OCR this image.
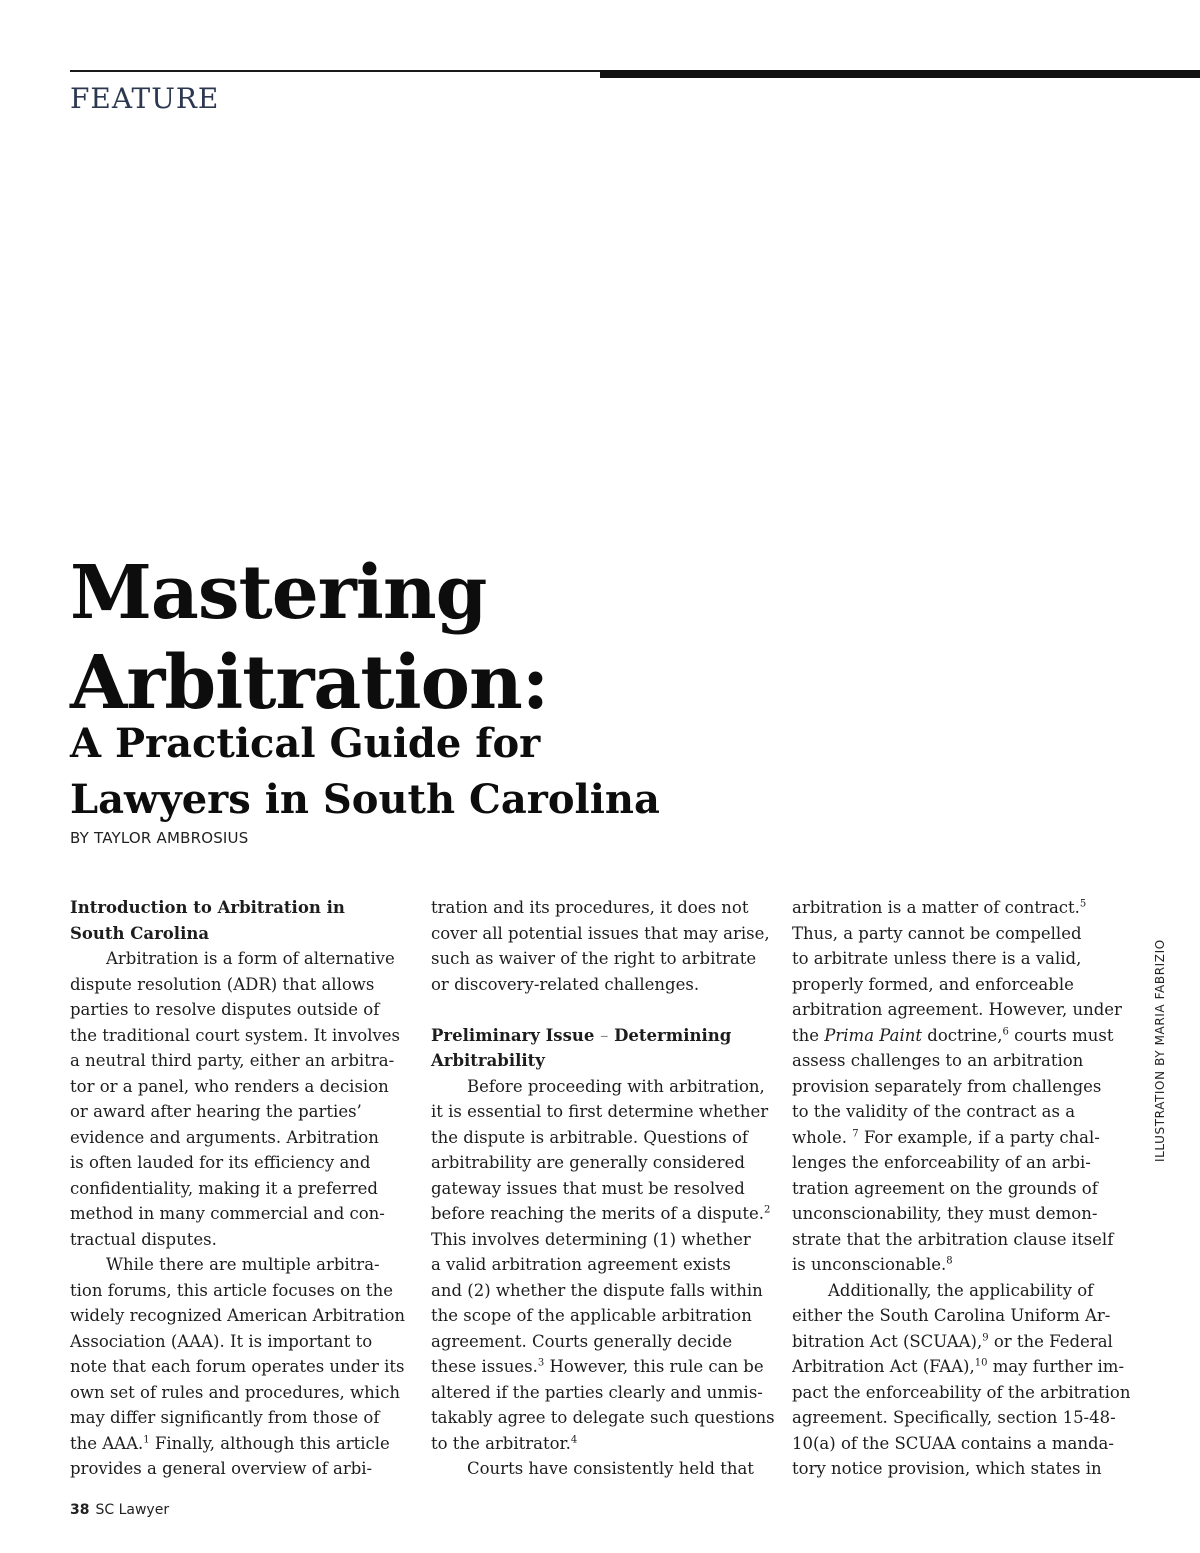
FEATURE
Mastering
Arbitration:
A Practical Guide for
Lawyers in South Carolina
BY TAYLOR AMBROSIUS
Introduction to Arbitration in
South Carolina
Arbitration is a form of alternative
dispute resolution (ADR) that allows
parties to resolve disputes outside of
the traditional court system. It involves
a neutral third party, either an arbitra-
tor or a panel, who renders a decision
or award after hearing the parties’
evidence and arguments. Arbitration
is often lauded for its efficiency and
confidentiality, making it a preferred
method in many commercial and con-
tractual disputes.
While there are multiple arbitra-
tion forums, this article focuses on the
widely recognized American Arbitration
Association (AAA). It is important to
note that each forum operates under its
own set of rules and procedures, which
may differ significantly from those of
the AAA.$^1$ Finally, although this article
provides a general overview of arbi-
tration and its procedures, it does not
cover all potential issues that may arise,
such as waiver of the right to arbitrate
or discovery-related challenges.
Preliminary Issue – Determining
Arbitrability
Before proceeding with arbitration,
it is essential to first determine whether
the dispute is arbitrable. Questions of
arbitrability are generally considered
gateway issues that must be resolved
before reaching the merits of a dispute.$^2$
This involves determining (1) whether
a valid arbitration agreement exists
and (2) whether the dispute falls within
the scope of the applicable arbitration
agreement. Courts generally decide
these issues.$^3$ However, this rule can be
altered if the parties clearly and unmis-
takably agree to delegate such questions
to the arbitrator.$^4$
Courts have consistently held that
arbitration is a matter of contract.$^5$
Thus, a party cannot be compelled
to arbitrate unless there is a valid,
properly formed, and enforceable
arbitration agreement. However, under
the Prima Paint doctrine,$^6$ courts must
assess challenges to an arbitration
provision separately from challenges
to the validity of the contract as a
whole. $^7$ For example, if a party chal-
lenges the enforceability of an arbi-
tration agreement on the grounds of
unconscionability, they must demon-
strate that the arbitration clause itself
is unconscionable.$^8$
Additionally, the applicability of
either the South Carolina Uniform Ar-
bitration Act (SCUAA),$^9$ or the Federal
Arbitration Act (FAA),$^{10}$ may further im-
pact the enforceability of the arbitration
agreement. Specifically, section 15-48-
10(a) of the SCUAA contains a manda-
tory notice provision, which states in
ILLUSTRATION BY MARIA FABRIZIO
38 SC Lawyer
